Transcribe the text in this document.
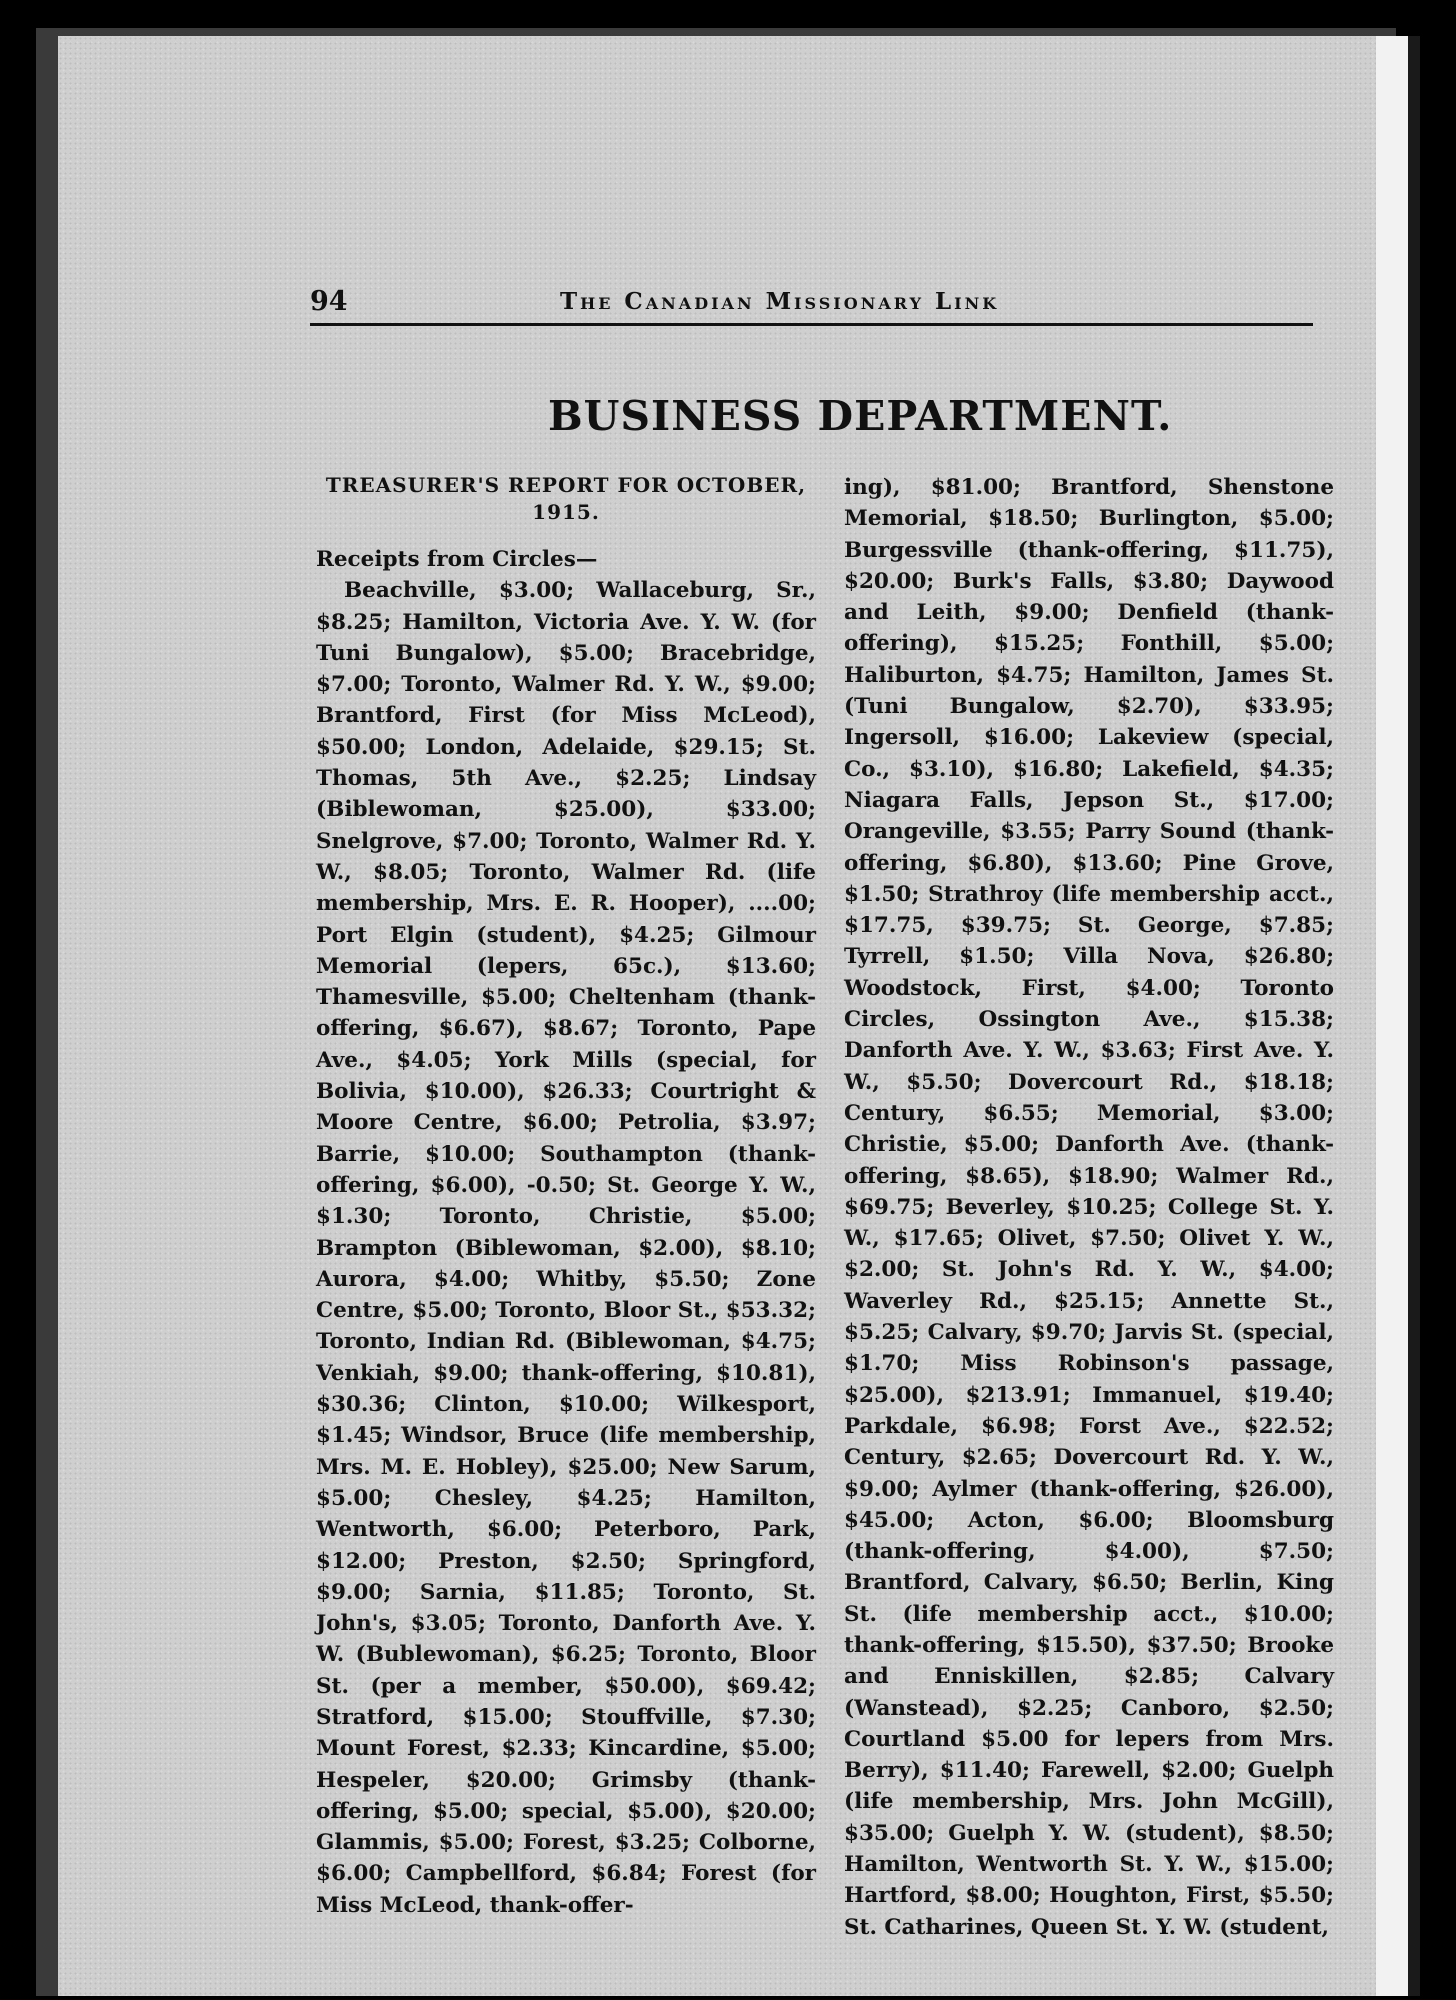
94	The Canadian Missionary Link
BUSINESS DEPARTMENT.
TREASURER'S REPORT FOR OCTOBER, 1915.
Receipts from Circles—
Beachville, $3.00; Wallaceburg, Sr., $8.25; Hamilton, Victoria Ave. Y. W. (for Tuni Bungalow), $5.00; Bracebridge, $7.00; Toronto, Walmer Rd. Y. W., $9.00; Brantford, First (for Miss McLeod), $50.00; London, Adelaide, $29.15; St. Thomas, 5th Ave., $2.25; Lindsay (Biblewoman, $25.00), $33.00; Snelgrove, $7.00; Toronto, Walmer Rd. Y. W., $8.05; Toronto, Walmer Rd. (life membership, Mrs. E. R. Hooper), ....00; Port Elgin (student), $4.25; Gilmour Memorial (lepers, 65c.), $13.60; Thamesville, $5.00; Cheltenham (thank-offering, $6.67), $8.67; Toronto, Pape Ave., $4.05; York Mills (special, for Bolivia, $10.00), $26.33; Courtright & Moore Centre, $6.00; Petrolia, $3.97; Barrie, $10.00; Southampton (thank-offering, $6.00), -0.50; St. George Y. W., $1.30; Toronto, Christie, $5.00; Brampton (Biblewoman, $2.00), $8.10; Aurora, $4.00; Whitby, $5.50; Zone Centre, $5.00; Toronto, Bloor St., $53.32; Toronto, Indian Rd. (Biblewoman, $4.75; Venkiah, $9.00; thank-offering, $10.81), $30.36; Clinton, $10.00; Wilkesport, $1.45; Windsor, Bruce (life membership, Mrs. M. E. Hobley), $25.00; New Sarum, $5.00; Chesley, $4.25; Hamilton, Wentworth, $6.00; Peterboro, Park, $12.00; Preston, $2.50; Springford, $9.00; Sarnia, $11.85; Toronto, St. John's, $3.05; Toronto, Danforth Ave. Y. W. (Bublewoman), $6.25; Toronto, Bloor St. (per a member, $50.00), $69.42; Stratford, $15.00; Stouffville, $7.30; Mount Forest, $2.33; Kincardine, $5.00; Hespeler, $20.00; Grimsby (thank-offering, $5.00; special, $5.00), $20.00; Glammis, $5.00; Forest, $3.25; Colborne, $6.00; Campbellford, $6.84; Forest (for Miss McLeod, thank-offer-
ing), $81.00; Brantford, Shenstone Memorial, $18.50; Burlington, $5.00; Burgessville (thank-offering, $11.75), $20.00; Burk's Falls, $3.80; Daywood and Leith, $9.00; Denfield (thank-offering), $15.25; Fonthill, $5.00; Haliburton, $4.75; Hamilton, James St. (Tuni Bungalow, $2.70), $33.95; Ingersoll, $16.00; Lakeview (special, Co., $3.10), $16.80; Lakefield, $4.35; Niagara Falls, Jepson St., $17.00; Orangeville, $3.55; Parry Sound (thank-offering, $6.80), $13.60; Pine Grove, $1.50; Strathroy (life membership acct., $17.75, $39.75; St. George, $7.85; Tyrrell, $1.50; Villa Nova, $26.80; Woodstock, First, $4.00; Toronto Circles, Ossington Ave., $15.38; Danforth Ave. Y. W., $3.63; First Ave. Y. W., $5.50; Dovercourt Rd., $18.18; Century, $6.55; Memorial, $3.00; Christie, $5.00; Danforth Ave. (thank-offering, $8.65), $18.90; Walmer Rd., $69.75; Beverley, $10.25; College St. Y. W., $17.65; Olivet, $7.50; Olivet Y. W., $2.00; St. John's Rd. Y. W., $4.00; Waverley Rd., $25.15; Annette St., $5.25; Calvary, $9.70; Jarvis St. (special, $1.70; Miss Robinson's passage, $25.00), $213.91; Immanuel, $19.40; Parkdale, $6.98; Forst Ave., $22.52; Century, $2.65; Dovercourt Rd. Y. W., $9.00; Aylmer (thank-offering, $26.00), $45.00; Acton, $6.00; Bloomsburg (thank-offering, $4.00), $7.50; Brantford, Calvary, $6.50; Berlin, King St. (life membership acct., $10.00; thank-offering, $15.50), $37.50; Brooke and Enniskillen, $2.85; Calvary (Wanstead), $2.25; Canboro, $2.50; Courtland $5.00 for lepers from Mrs. Berry), $11.40; Farewell, $2.00; Guelph (life membership, Mrs. John McGill), $35.00; Guelph Y. W. (student), $8.50; Hamilton, Wentworth St. Y. W., $15.00; Hartford, $8.00; Houghton, First, $5.50; St. Catharines, Queen St. Y. W. (student,
